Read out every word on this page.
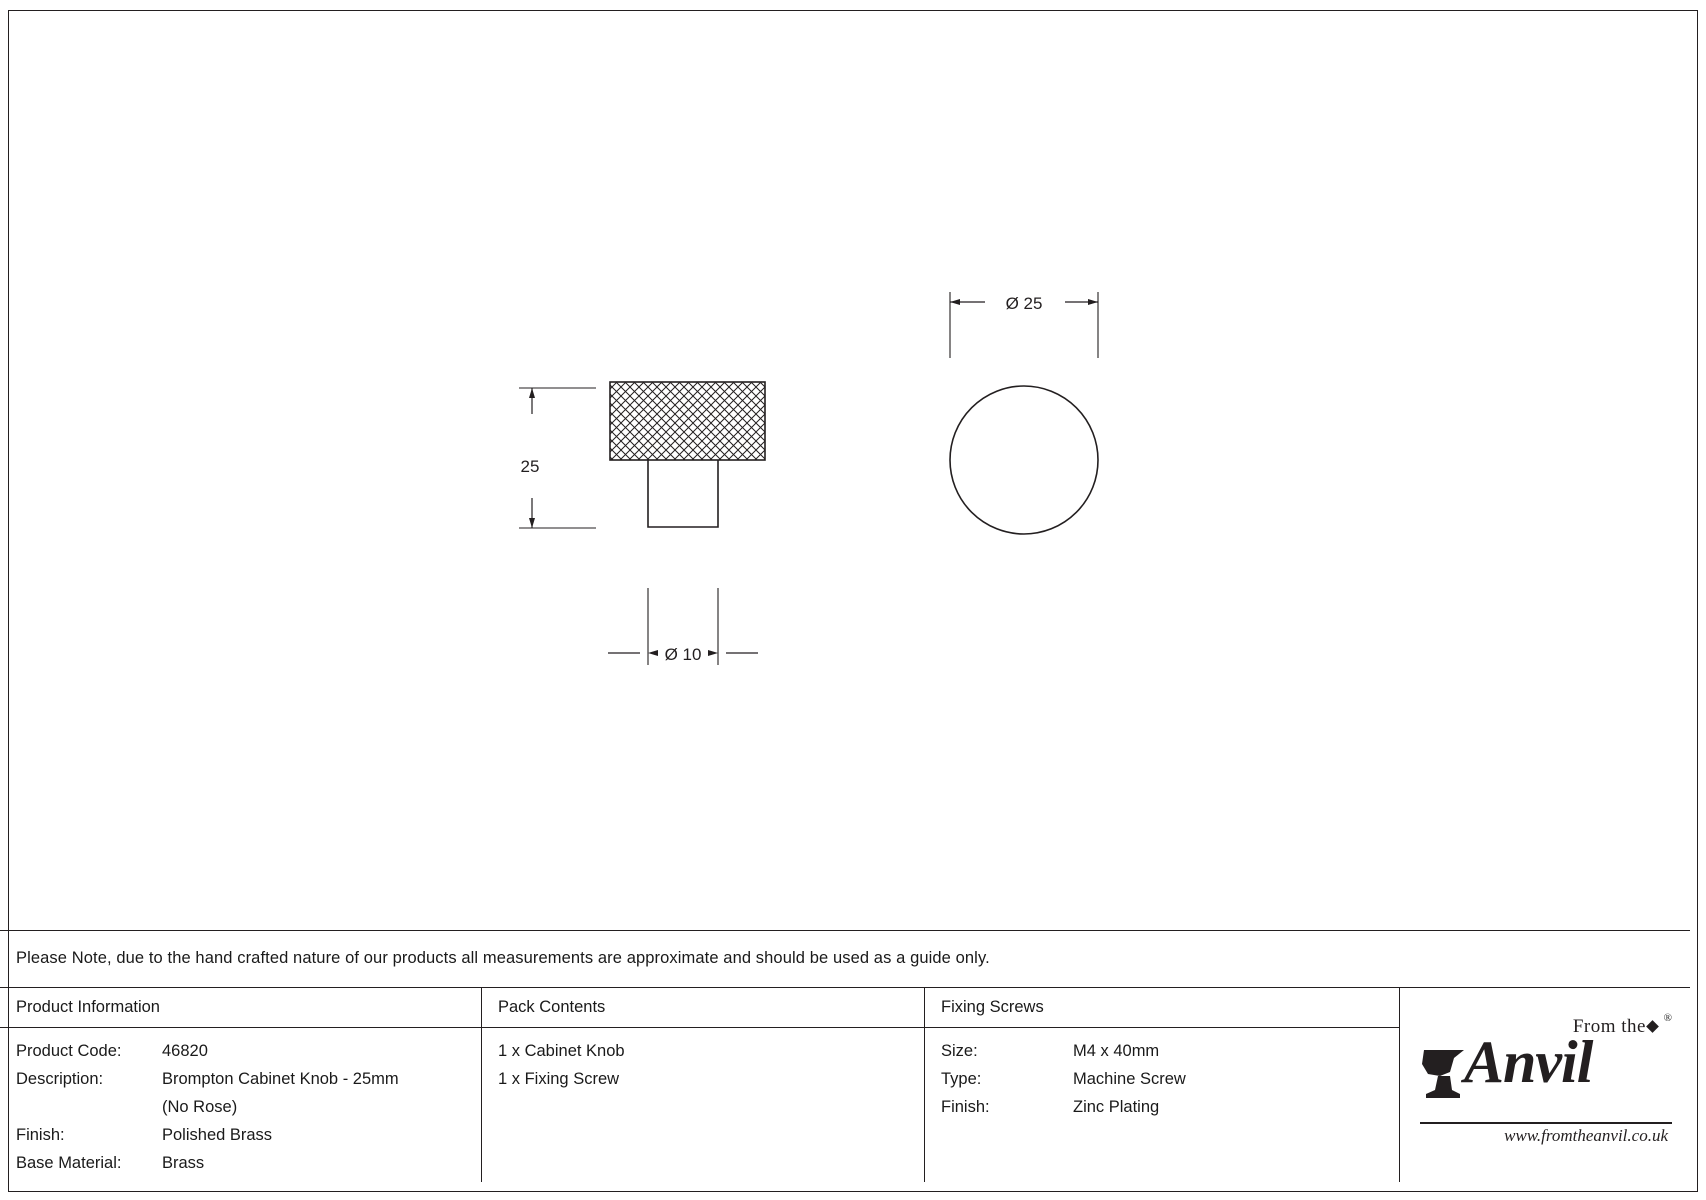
25
Ø 10
Ø 25
Please Note, due to the hand crafted nature of our products all measurements are approximate and should be used as a guide only.
Product Information
Product Code: 46820
Description:	Brompton Cabinet Knob - 25mm
(No Rose)
Finish:	Polished Brass
Base Material: Brass
Pack Contents
1 x Cabinet Knob
1 x Fixing Screw
Fixing Screws
Size:	M4 x 40mm
Type:	Machine Screw
Finish:	Zinc Plating
From the ®
Anvil
www.fromtheanvil.co.uk
